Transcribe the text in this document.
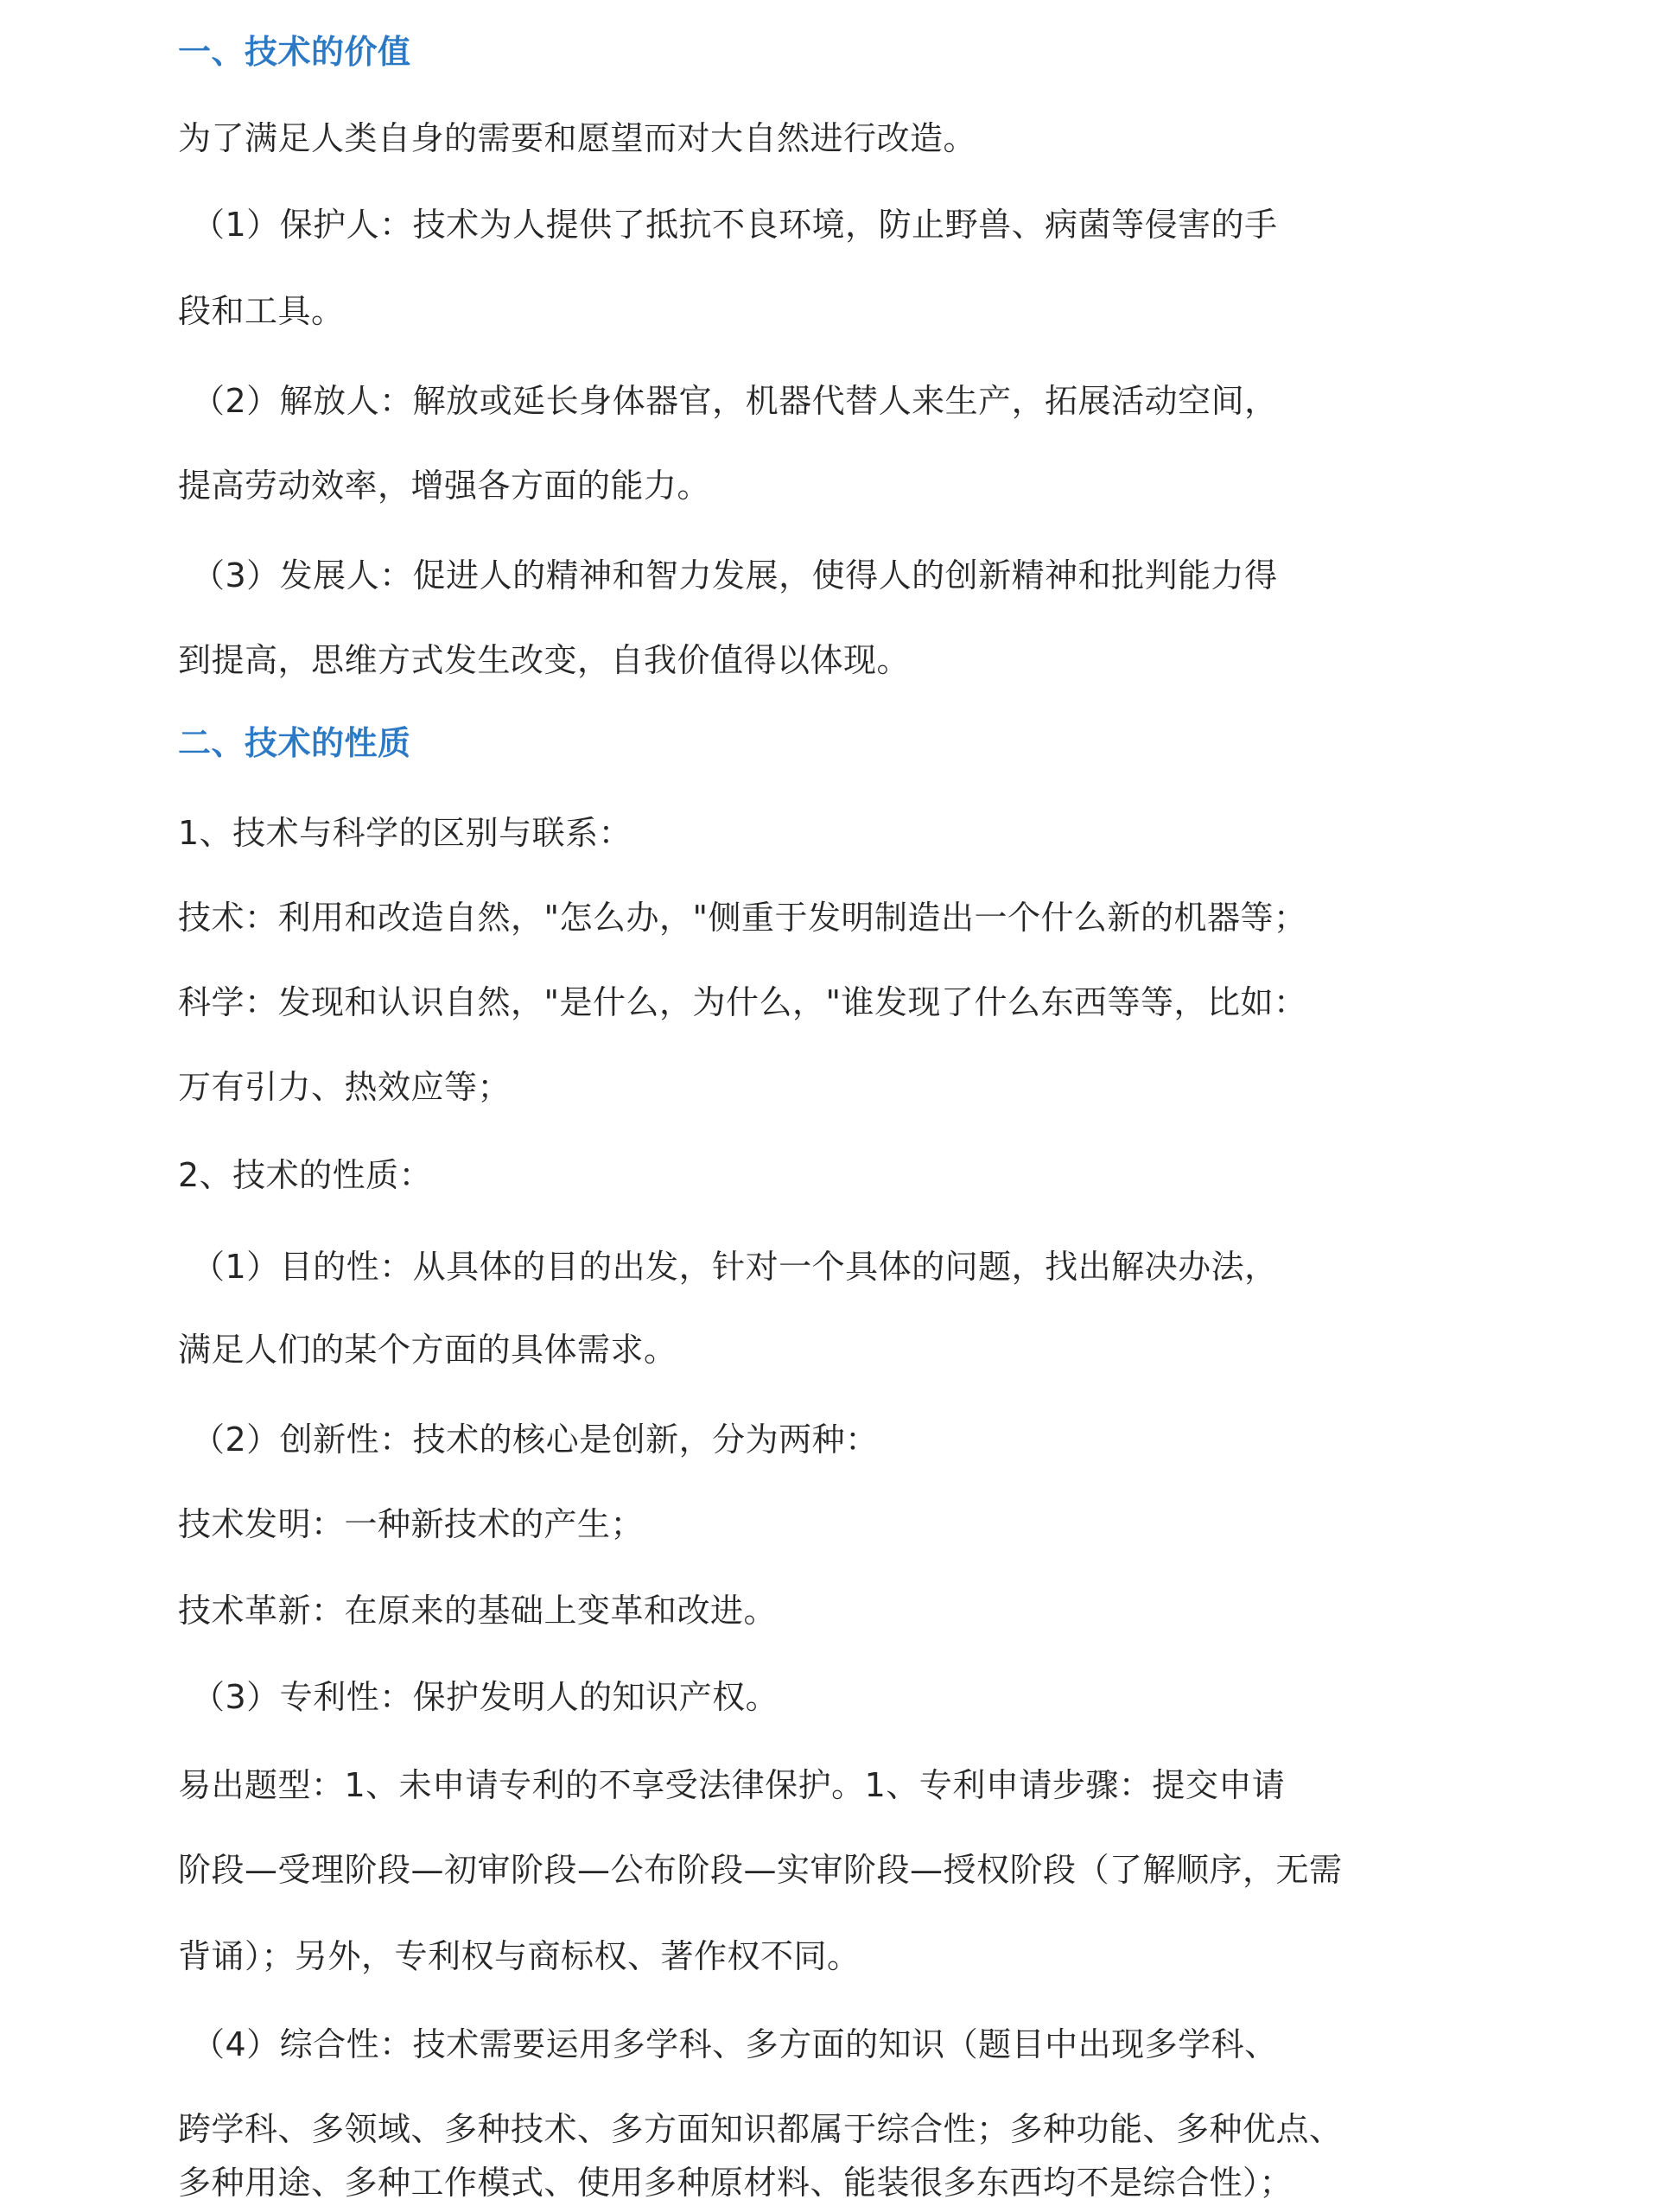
一、技术的价值

为了满足人类自身的需要和愿望而对大自然进行改造。

（1）保护人：技术为人提供了抵抗不良环境，防止野兽、病菌等侵害的手

段和工具。

（2）解放人：解放或延长身体器官，机器代替人来生产，拓展活动空间，

提高劳动效率，增强各方面的能力。

（3）发展人：促进人的精神和智力发展，使得人的创新精神和批判能力得

到提高，思维方式发生改变，自我价值得以体现。

二、技术的性质

1、技术与科学的区别与联系：

技术：利用和改造自然，"怎么办，"侧重于发明制造出一个什么新的机器等；

科学：发现和认识自然，"是什么，为什么，"谁发现了什么东西等等，比如：

万有引力、热效应等；

2、技术的性质：

（1）目的性：从具体的目的出发，针对一个具体的问题，找出解决办法，

满足人们的某个方面的具体需求。

（2）创新性：技术的核心是创新，分为两种：

技术发明：一种新技术的产生；

技术革新：在原来的基础上变革和改进。

（3）专利性：保护发明人的知识产权。

易出题型：1、未申请专利的不享受法律保护。1、专利申请步骤：提交申请

阶段—受理阶段—初审阶段—公布阶段—实审阶段—授权阶段（了解顺序，无需

背诵）；另外，专利权与商标权、著作权不同。

（4）综合性：技术需要运用多学科、多方面的知识（题目中出现多学科、

跨学科、多领域、多种技术、多方面知识都属于综合性；多种功能、多种优点、

多种用途、多种工作模式、使用多种原材料、能装很多东西均不是综合性）；
